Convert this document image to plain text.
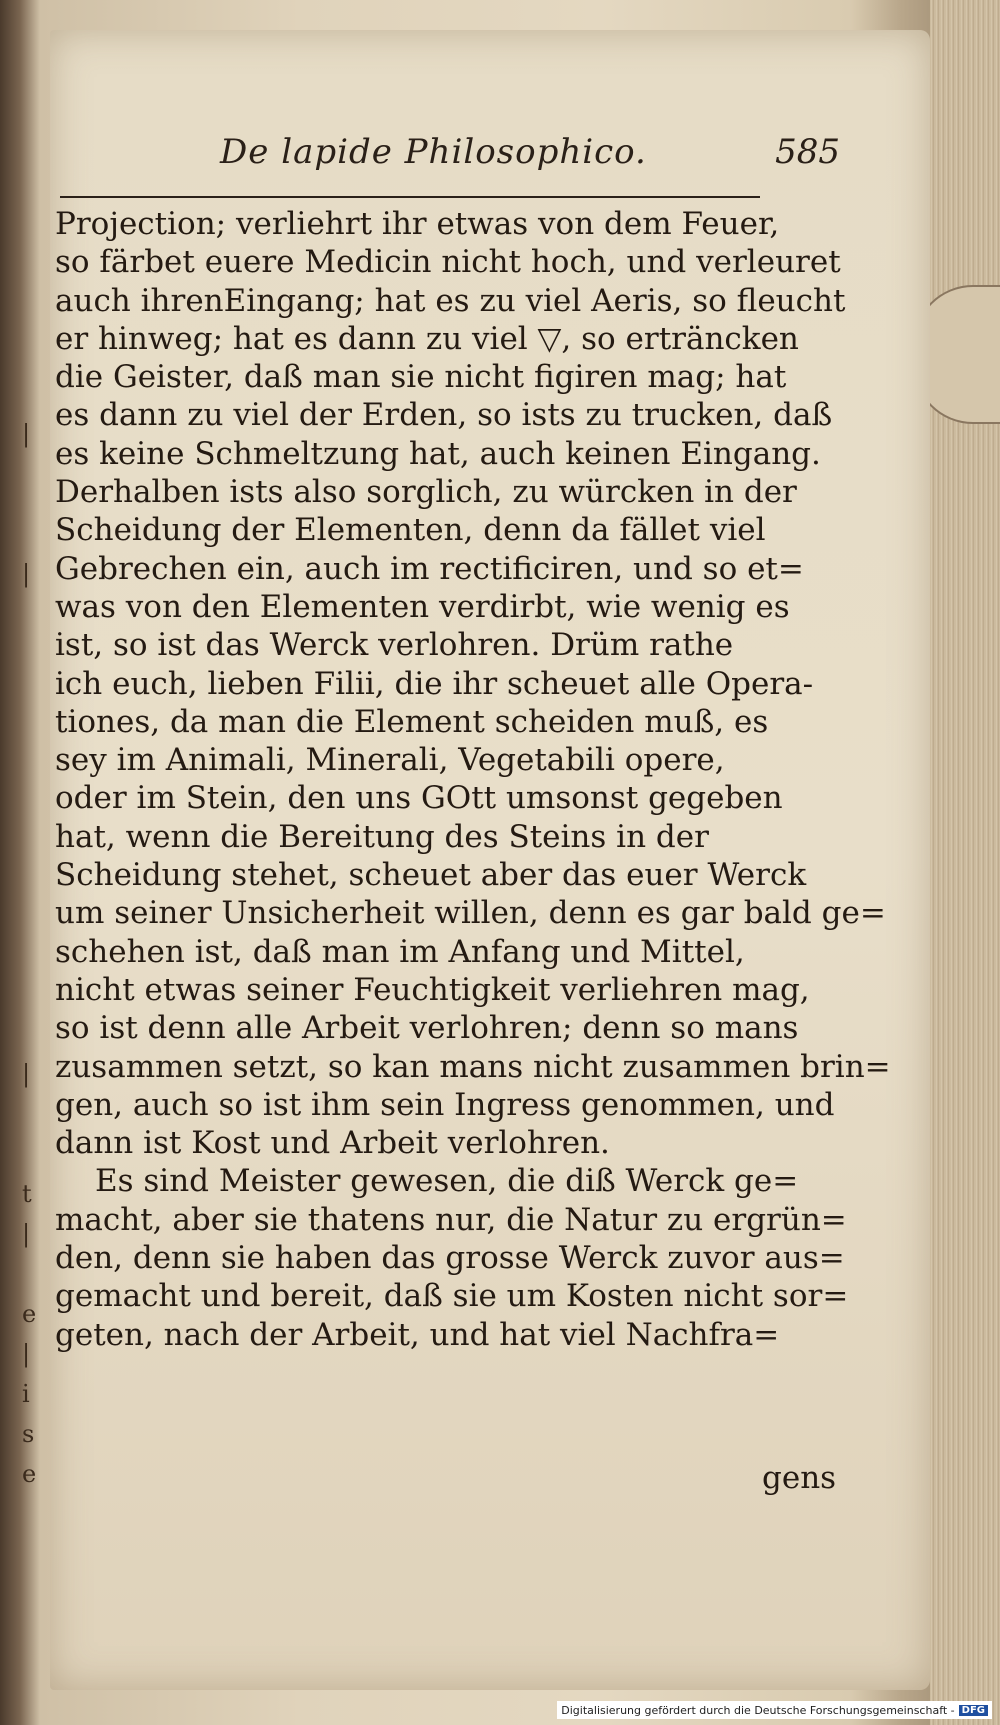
|
|
|
t
|
e
|
i
s
e
De lapide Philosophico.	585
Projection; verliehrt ihr etwas von dem Feuer,
so färbet euere Medicin nicht hoch, und verleuret
auch ihrenEingang; hat es zu viel Aeris, so fleucht
er hinweg; hat es dann zu viel ▽, so erträncken
die Geister, daß man sie nicht figiren mag; hat
es dann zu viel der Erden, so ists zu trucken, daß
es keine Schmeltzung hat, auch keinen Eingang.
Derhalben ists also sorglich, zu würcken in der
Scheidung der Elementen, denn da fället viel
Gebrechen ein, auch im rectificiren, und so et=
was von den Elementen verdirbt, wie wenig es
ist, so ist das Werck verlohren. Drüm rathe
ich euch, lieben Filii, die ihr scheuet alle Opera-
tiones, da man die Element scheiden muß, es
sey im Animali, Minerali, Vegetabili opere,
oder im Stein, den uns GOtt umsonst gegeben
hat, wenn die Bereitung des Steins in der
Scheidung stehet, scheuet aber das euer Werck
um seiner Unsicherheit willen, denn es gar bald ge=
schehen ist, daß man im Anfang und Mittel,
nicht etwas seiner Feuchtigkeit verliehren mag,
so ist denn alle Arbeit verlohren; denn so mans
zusammen setzt, so kan mans nicht zusammen brin=
gen, auch so ist ihm sein Ingress genommen, und
dann ist Kost und Arbeit verlohren.
Es sind Meister gewesen, die diß Werck ge=
macht, aber sie thatens nur, die Natur zu ergrün=
den, denn sie haben das grosse Werck zuvor aus=
gemacht und bereit, daß sie um Kosten nicht sor=
geten, nach der Arbeit, und hat viel Nachfra=
gens
Digitalisierung gefördert durch die Deutsche Forschungsgemeinschaft - DFG
